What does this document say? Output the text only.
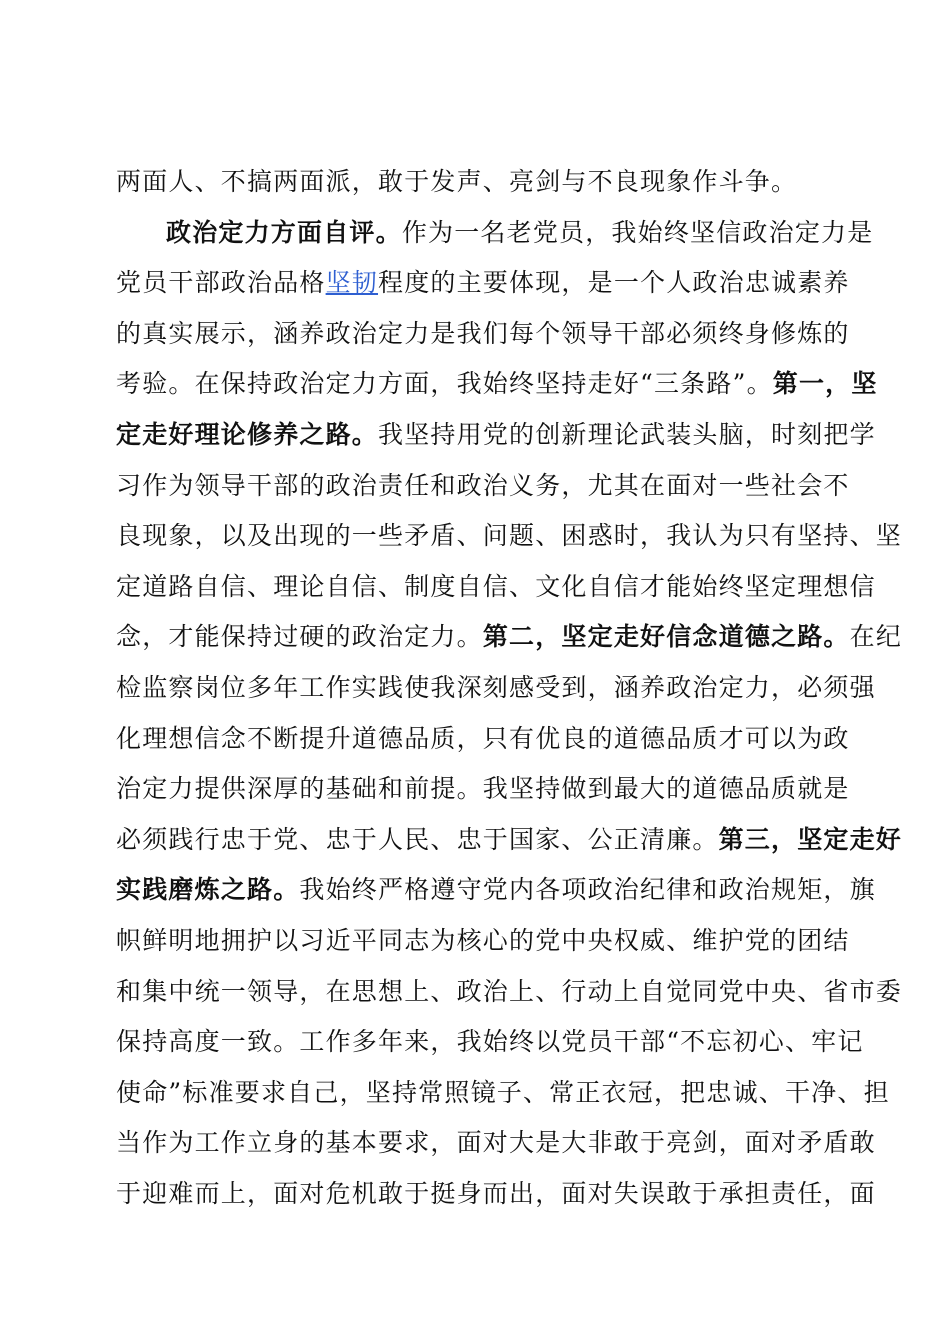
两面人、不搞两面派，敢于发声、亮剑与不良现象作斗争。
政治定力方面自评。作为一名老党员，我始终坚信政治定力是
党员干部政治品格坚韧程度的主要体现，是一个人政治忠诚素养
的真实展示，涵养政治定力是我们每个领导干部必须终身修炼的
考验。在保持政治定力方面，我始终坚持走好“三条路”。第一，坚
定走好理论修养之路。我坚持用党的创新理论武装头脑，时刻把学
习作为领导干部的政治责任和政治义务，尤其在面对一些社会不
良现象，以及出现的一些矛盾、问题、困惑时，我认为只有坚持、坚
定道路自信、理论自信、制度自信、文化自信才能始终坚定理想信
念，才能保持过硬的政治定力。第二，坚定走好信念道德之路。在纪
检监察岗位多年工作实践使我深刻感受到，涵养政治定力，必须强
化理想信念不断提升道德品质，只有优良的道德品质才可以为政
治定力提供深厚的基础和前提。我坚持做到最大的道德品质就是
必须践行忠于党、忠于人民、忠于国家、公正清廉。第三，坚定走好
实践磨炼之路。我始终严格遵守党内各项政治纪律和政治规矩，旗
帜鲜明地拥护以习近平同志为核心的党中央权威、维护党的团结
和集中统一领导，在思想上、政治上、行动上自觉同党中央、省市委
保持高度一致。工作多年来，我始终以党员干部“不忘初心、牢记
使命”标准要求自己，坚持常照镜子、常正衣冠，把忠诚、干净、担
当作为工作立身的基本要求，面对大是大非敢于亮剑，面对矛盾敢
于迎难而上，面对危机敢于挺身而出，面对失误敢于承担责任，面
